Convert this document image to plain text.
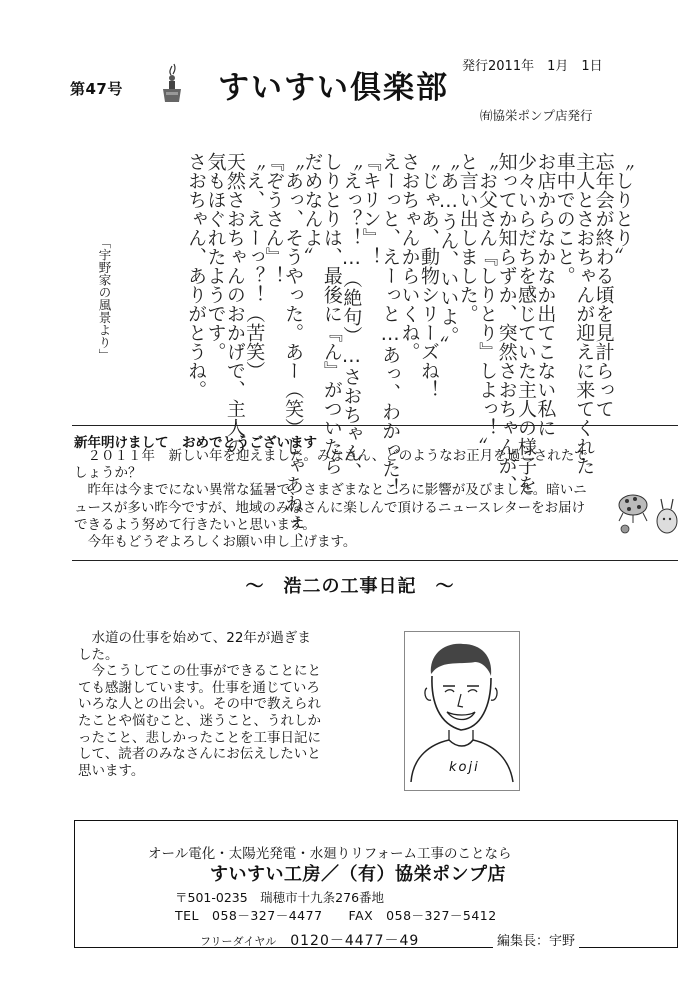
第47号	すいすい倶楽部
発行2011年　1月　1日
㈲協栄ポンプ店発行
〝しりとり〟
忘年会が終わる頃を見計らって
主人とさおちゃんが迎えに来てくれた
車中でのこと。
お店からなかなか出てこない私に
少々いらだちを感じていた主人の様子を
知ってか知らずか、突然さおちゃんが、
〝お父さん『しりとり』しよっ！〟
と言い出しました。
〝あ…うん、いいよ。〟
〝じゃあ、動物シリーズね！
さおちゃんからいくね。
えーっと、えーっと…あっ、わかった！
『キリン』！
〝えっ？！…（絶句）…さおちゃん、
しりとりは、最後に『ん』がついたら
だめなんよ〟
〝あっ、そうやった。あー（笑）じゃあねぇ、
『ぞうさん』！
〝え、えーっ？！（苦笑）
天然さおちゃんのおかげで、主人の
気もほぐれたようです。
さおちゃん、ありがとうね。
「宇野家の風景より」
新年明けまして　おめでとうございます

　２０１１年　新しい年を迎えました。みなさん、どのようなお正月を過ごされたでしょうか？

　昨年は今までにない異常な猛暑で、さまざまなところに影響が及びました。暗いニュースが多い昨今ですが、地域のみなさんに楽しんで頂けるニュースレターをお届けできるよう努めて行きたいと思います。

　今年もどうぞよろしくお願い申し上げます。

～　浩二の工事日記　～

　水道の仕事を始めて、22年が過ぎました。

　今こうしてこの仕事ができることにとても感謝しています。仕事を通じていろいろな人との出会い。その中で教えられたことや悩むこと、迷うこと、うれしかったこと、悲しかったことを工事日記にして、読者のみなさんにお伝えしたいと思います。	koji
オール電化・太陽光発電・水廻りリフォーム工事のことなら
すいすい工房／（有）協栄ポンプ店
〒501-0235　瑞穂市十九条276番地
TEL　058－327－4477　　FAX　058－327－5412
フリーダイヤル 0120－4477－49	編集長：宇野
